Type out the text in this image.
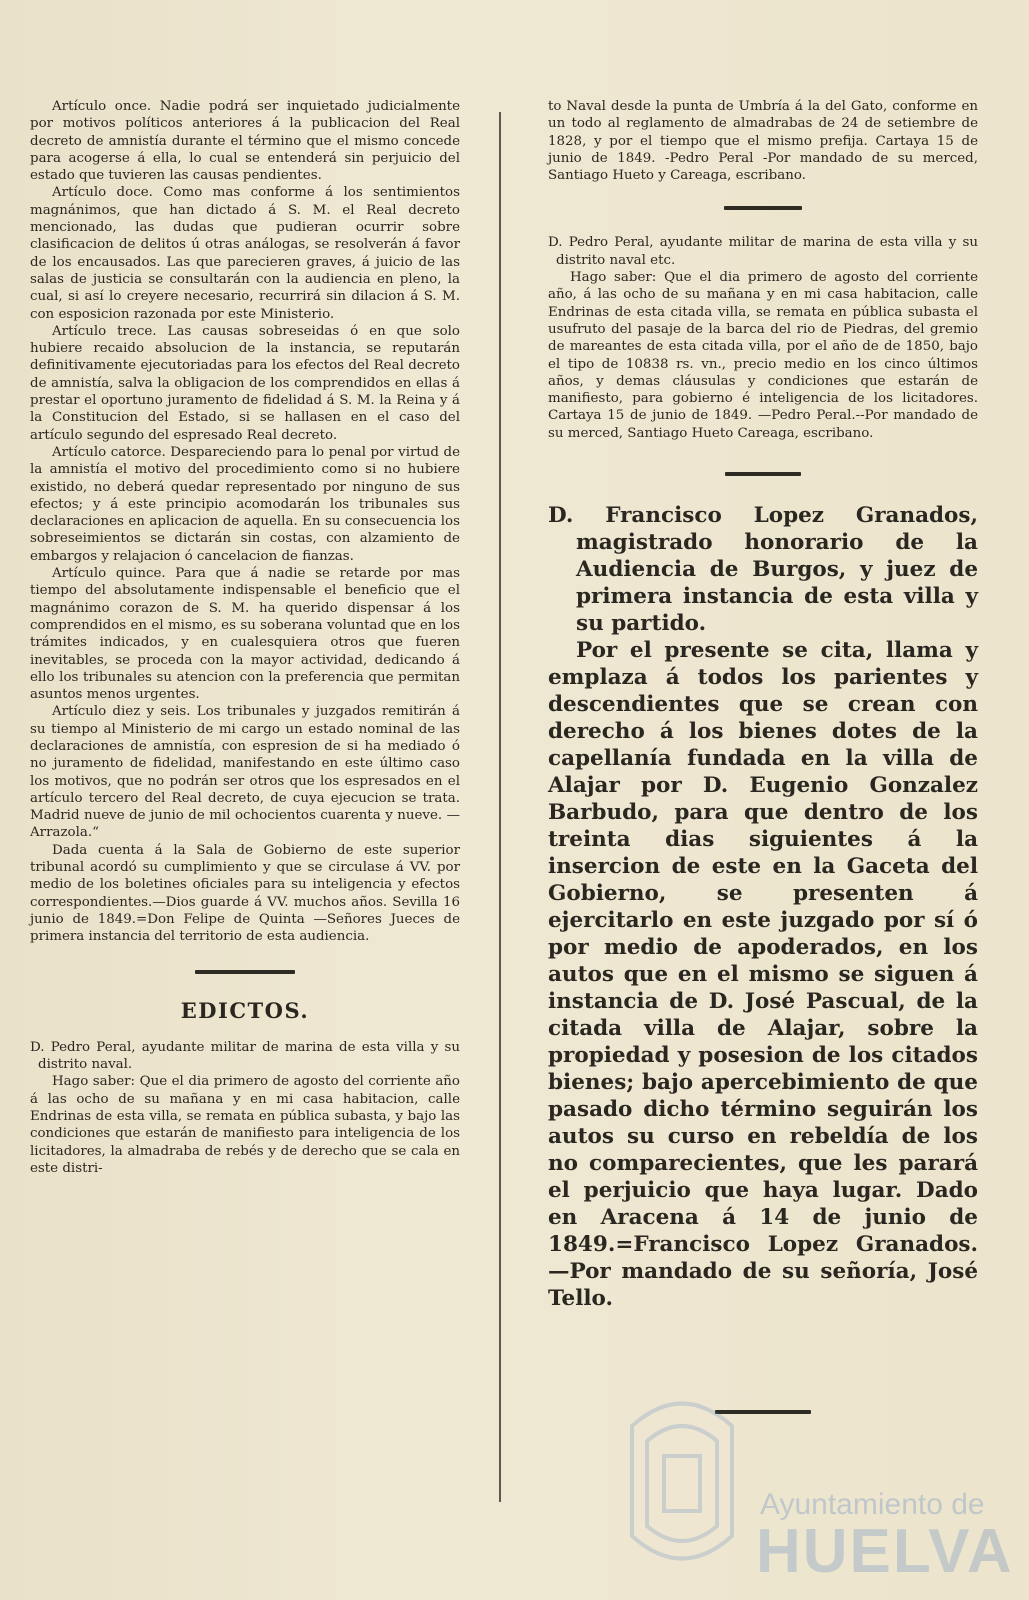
Artículo once. Nadie podrá ser inquietado judicialmente por motivos políticos anteriores á la publicacion del Real decreto de amnistía durante el término que el mismo concede para acogerse á ella, lo cual se entenderá sin perjuicio del estado que tuvieren las causas pendientes.

Artículo doce. Como mas conforme á los sentimientos magnánimos, que han dictado á S. M. el Real decreto mencionado, las dudas que pudieran ocurrir sobre clasificacion de delitos ú otras análogas, se resolverán á favor de los encausados. Las que parecieren graves, á juicio de las salas de justicia se consultarán con la audiencia en pleno, la cual, si así lo creyere necesario, recurrirá sin dilacion á S. M. con esposicion razonada por este Ministerio.

Artículo trece. Las causas sobreseidas ó en que solo hubiere recaido absolucion de la instancia, se reputarán definitivamente ejecutoriadas para los efectos del Real decreto de amnistía, salva la obligacion de los comprendidos en ellas á prestar el oportuno juramento de fidelidad á S. M. la Reina y á la Constitucion del Estado, si se hallasen en el caso del artículo segundo del espresado Real decreto.

Artículo catorce. Despareciendo para lo penal por virtud de la amnistía el motivo del procedimiento como si no hubiere existido, no deberá quedar representado por ninguno de sus efectos; y á este principio acomodarán los tribunales sus declaraciones en aplicacion de aquella. En su consecuencia los sobreseimientos se dictarán sin costas, con alzamiento de embargos y relajacion ó cancelacion de fianzas.

Artículo quince. Para que á nadie se retarde por mas tiempo del absolutamente indispensable el beneficio que el magnánimo corazon de S. M. ha querido dispensar á los comprendidos en el mismo, es su soberana voluntad que en los trámites indicados, y en cualesquiera otros que fueren inevitables, se proceda con la mayor actividad, dedicando á ello los tribunales su atencion con la preferencia que permitan asuntos menos urgentes.

Artículo diez y seis. Los tribunales y juzgados remitirán á su tiempo al Ministerio de mi cargo un estado nominal de las declaraciones de amnistía, con espresion de si ha mediado ó no juramento de fidelidad, manifestando en este último caso los motivos, que no podrán ser otros que los espresados en el artículo tercero del Real decreto, de cuya ejecucion se trata. Madrid nueve de junio de mil ochocientos cuarenta y nueve. —Arrazola.“

Dada cuenta á la Sala de Gobierno de este superior tribunal acordó su cumplimiento y que se circulase á VV. por medio de los boletines oficiales para su inteligencia y efectos correspondientes.—Dios guarde á VV. muchos años. Sevilla 16 junio de 1849.=Don Felipe de Quinta —Señores Jueces de primera instancia del territorio de esta audiencia.

EDICTOS.

D. Pedro Peral, ayudante militar de marina de esta villa y su distrito naval.

Hago saber: Que el dia primero de agosto del corriente año á las ocho de su mañana y en mi casa habitacion, calle Endrinas de esta villa, se remata en pública subasta, y bajo las condiciones que estarán de manifiesto para inteligencia de los licitadores, la almadraba de rebés y de derecho que se cala en este distri-

to Naval desde la punta de Umbría á la del Gato, conforme en un todo al reglamento de almadrabas de 24 de setiembre de 1828, y por el tiempo que el mismo prefija. Cartaya 15 de junio de 1849. -Pedro Peral -Por mandado de su merced, Santiago Hueto y Careaga, escribano.

D. Pedro Peral, ayudante militar de marina de esta villa y su distrito naval etc.

Hago saber: Que el dia primero de agosto del corriente año, á las ocho de su mañana y en mi casa habitacion, calle Endrinas de esta citada villa, se remata en pública subasta el usufruto del pasaje de la barca del rio de Piedras, del gremio de mareantes de esta citada villa, por el año de de 1850, bajo el tipo de 10838 rs. vn., precio medio en los cinco últimos años, y demas cláusulas y condiciones que estarán de manifiesto, para gobierno é inteligencia de los licitadores. Cartaya 15 de junio de 1849. —Pedro Peral.--Por mandado de su merced, Santiago Hueto Careaga, escribano.

D. Francisco Lopez Granados, magistrado honorario de la Audiencia de Burgos, y juez de primera instancia de esta villa y su partido.

Por el presente se cita, llama y emplaza á todos los parientes y descendientes que se crean con derecho á los bienes dotes de la capellanía fundada en la villa de Alajar por D. Eugenio Gonzalez Barbudo, para que dentro de los treinta dias siguientes á la insercion de este en la Gaceta del Gobierno, se presenten á ejercitarlo en este juzgado por sí ó por medio de apoderados, en los autos que en el mismo se siguen á instancia de D. José Pascual, de la citada villa de Alajar, sobre la propiedad y posesion de los citados bienes; bajo apercebimiento de que pasado dicho término seguirán los autos su curso en rebeldía de los no comparecientes, que les parará el perjuicio que haya lugar. Dado en Aracena á 14 de junio de 1849.=Francisco Lopez Granados.—Por mandado de su señoría, José Tello.

Ayuntamiento de
HUELVA
